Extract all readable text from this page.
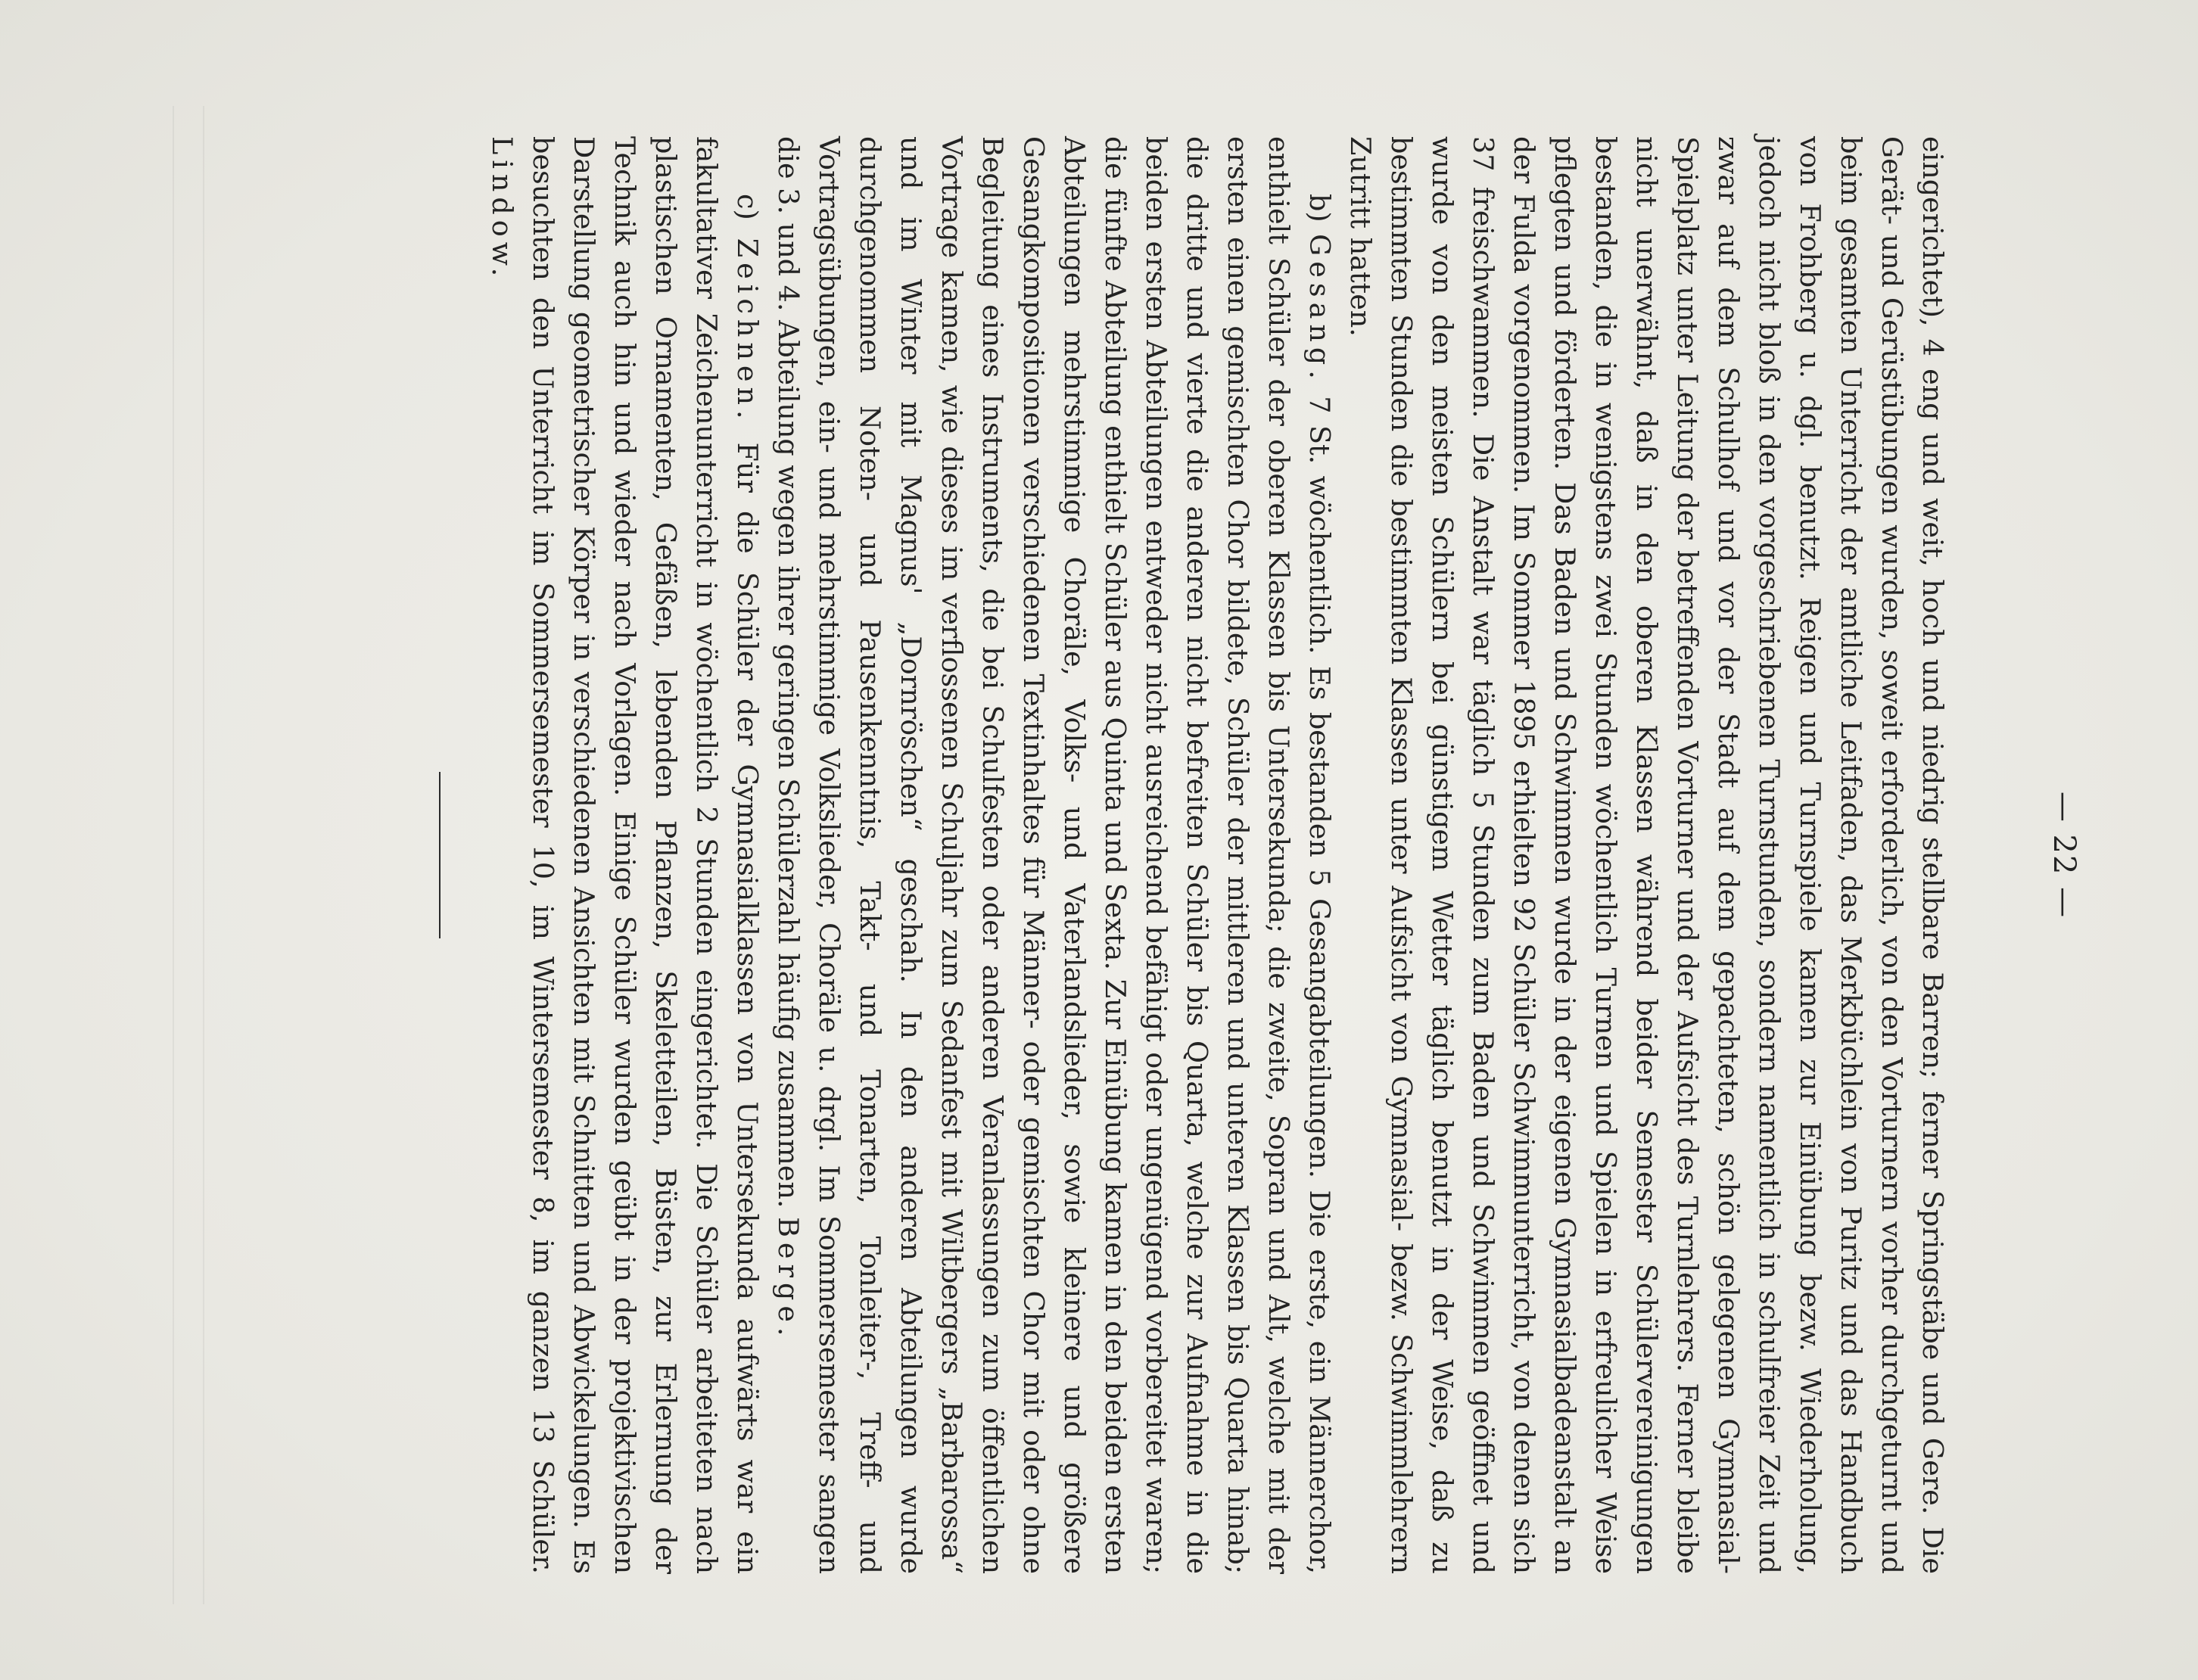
— 22 —

eingerichtet), 4 eng und weit, hoch und niedrig stellbare Barren; ferner Springstäbe und Gere. Die Gerät- und Gerüstübungen wurden, soweit erforderlich, von den Vorturnern vorher durchgeturnt und beim gesamten Unterricht der amtliche Leitfaden, das Merkbüchlein von Puritz und das Handbuch von Frohberg u. dgl. benutzt. Reigen und Turnspiele kamen zur Einübung bezw. Wiederholung, jedoch nicht bloß in den vorgeschriebenen Turnstunden, sondern namentlich in schulfreier Zeit und zwar auf dem Schulhof und vor der Stadt auf dem gepachteten, schön gelegenen Gymnasial-Spielplatz unter Leitung der betreffenden Vorturner und der Aufsicht des Turnlehrers. Ferner bleibe nicht unerwähnt, daß in den oberen Klassen während beider Semester Schülervereinigungen bestanden, die in wenigstens zwei Stunden wöchentlich Turnen und Spielen in erfreulicher Weise pflegten und förderten. Das Baden und Schwimmen wurde in der eigenen Gymnasialbadeanstalt an der Fulda vorgenommen. Im Sommer 1895 erhielten 92 Schüler Schwimmunterricht, von denen sich 37 freischwammen. Die Anstalt war täglich 5 Stunden zum Baden und Schwimmen geöffnet und wurde von den meisten Schülern bei günstigem Wetter täglich benutzt in der Weise, daß zu bestimmten Stunden die bestimmten Klassen unter Aufsicht von Gymnasial- bezw. Schwimmlehrern Zutritt hatten.

b) Gesang. 7 St. wöchentlich. Es bestanden 5 Gesangabteilungen. Die erste, ein Männerchor, enthielt Schüler der oberen Klassen bis Untersekunda; die zweite, Sopran und Alt, welche mit der ersten einen gemischten Chor bildete, Schüler der mittleren und unteren Klassen bis Quarta hinab; die dritte und vierte die anderen nicht befreiten Schüler bis Quarta, welche zur Aufnahme in die beiden ersten Abteilungen entweder nicht ausreichend befähigt oder ungenügend vorbereitet waren; die fünfte Abteilung enthielt Schüler aus Quinta und Sexta. Zur Einübung kamen in den beiden ersten Abteilungen mehrstimmige Choräle, Volks- und Vaterlandslieder, sowie kleinere und größere Gesangkompositionen verschiedenen Textinhaltes für Männer- oder gemischten Chor mit oder ohne Begleitung eines Instruments, die bei Schulfesten oder anderen Veranlassungen zum öffentlichen Vortrage kamen, wie dieses im verflossenen Schuljahr zum Sedanfest mit Wiltbergers „Barbarossa“ und im Winter mit Magnus' „Dornröschen“ geschah. In den anderen Abteilungen wurde durchgenommen Noten- und Pausenkenntnis, Takt- und Tonarten, Tonleiter-, Treff- und Vortragsübungen, ein- und mehrstimmige Volkslieder, Choräle u. drgl. Im Sommersemester sangen die 3. und 4. Abteilung wegen ihrer geringen Schülerzahl häufig zusammen. Berge.

c) Zeichnen. Für die Schüler der Gymnasialklassen von Untersekunda aufwärts war ein fakultativer Zeichenunterricht in wöchentlich 2 Stunden eingerichtet. Die Schüler arbeiteten nach plastischen Ornamenten, Gefäßen, lebenden Pflanzen, Skeletteilen, Büsten, zur Erlernung der Technik auch hin und wieder nach Vorlagen. Einige Schüler wurden geübt in der projektivischen Darstellung geometrischer Körper in verschiedenen Ansichten mit Schnitten und Abwickelungen. Es besuchten den Unterricht im Sommersemester 10, im Wintersemester 8, im ganzen 13 Schüler. Lindow.
